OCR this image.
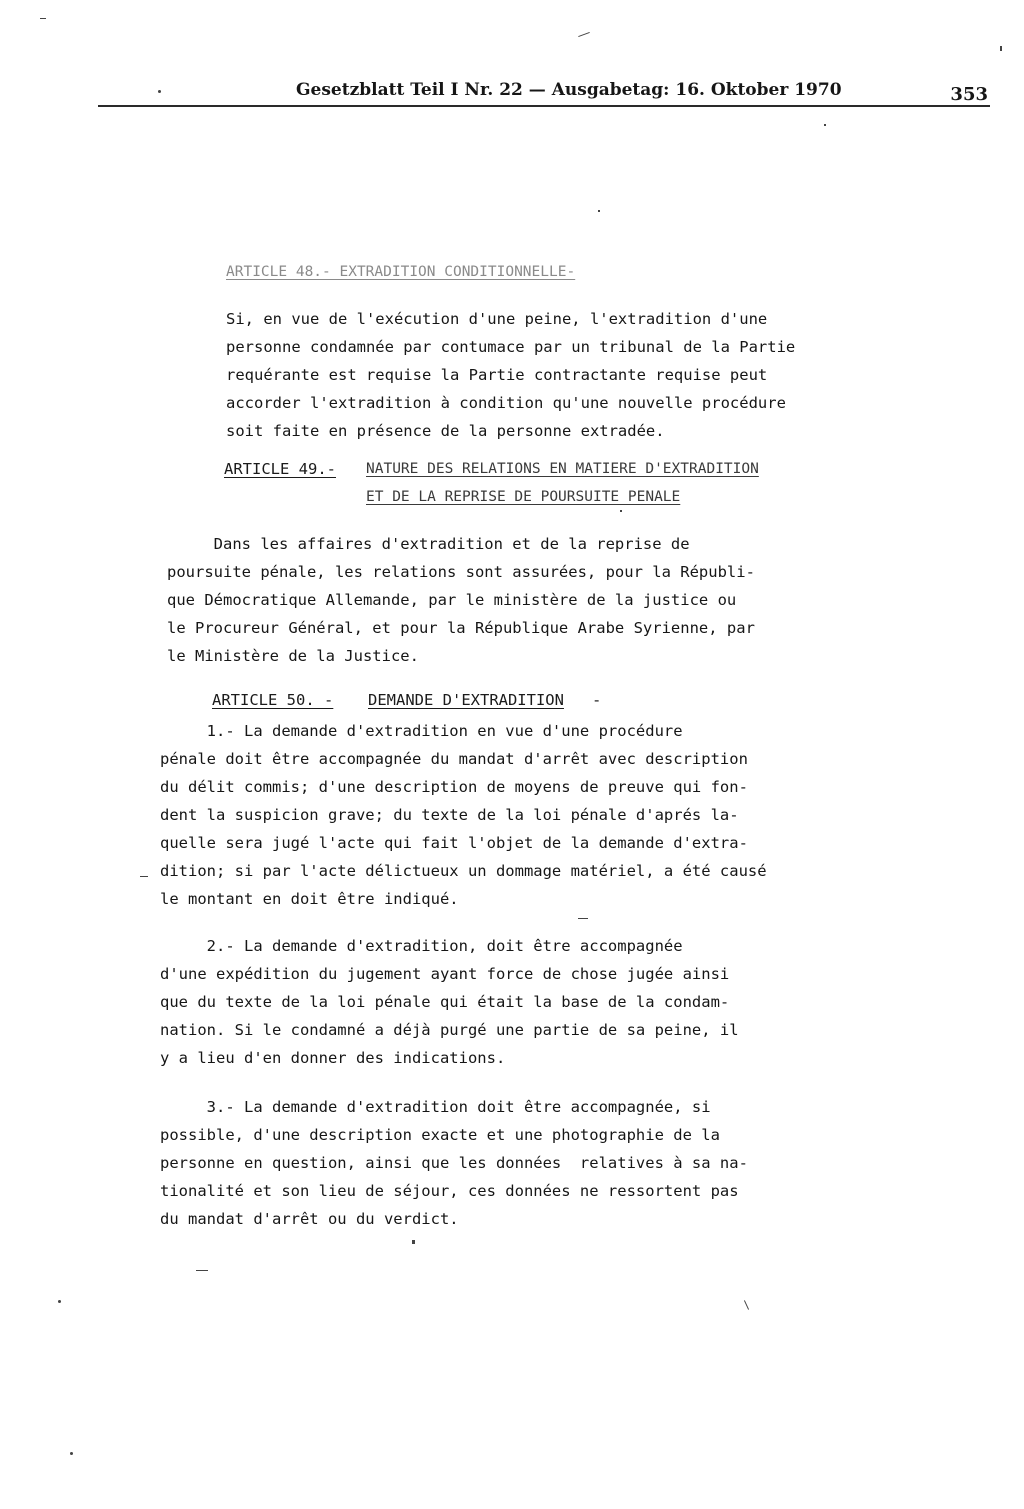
Gesetzblatt Teil I Nr. 22 — Ausgabetag: 16. Oktober 1970	353
ARTICLE 48.- EXTRADITION CONDITIONNELLE-
Si, en vue de l'exécution d'une peine, l'extradition d'une
personne condamnée par contumace par un tribunal de la Partie
requérante est requise la Partie contractante requise peut
accorder l'extradition à condition qu'une nouvelle procédure
soit faite en présence de la personne extradée.
ARTICLE 49.- NATURE DES RELATIONS EN MATIERE D'EXTRADITION
ET DE LA REPRISE DE POURSUITE PENALE
Dans les affaires d'extradition et de la reprise de
poursuite pénale, les relations sont assurées, pour la Républi-
que Démocratique Allemande, par le ministère de la justice ou
le Procureur Général, et pour la République Arabe Syrienne, par
le Ministère de la Justice.
ARTICLE 50. - DEMANDE D'EXTRADITION -
1.- La demande d'extradition en vue d'une procédure
pénale doit être accompagnée du mandat d'arrêt avec description
du délit commis; d'une description de moyens de preuve qui fon-
dent la suspicion grave; du texte de la loi pénale d'aprés la-
quelle sera jugé l'acte qui fait l'objet de la demande d'extra-
dition; si par l'acte délictueux un dommage matériel, a été causé
le montant en doit être indiqué.
2.- La demande d'extradition, doit être accompagnée
d'une expédition du jugement ayant force de chose jugée ainsi
que du texte de la loi pénale qui était la base de la condam-
nation. Si le condamné a déjà purgé une partie de sa peine, il
y a lieu d'en donner des indications.
3.- La demande d'extradition doit être accompagnée, si
possible, d'une description exacte et une photographie de la
personne en question, ainsi que les données  relatives à sa na-
tionalité et son lieu de séjour, ces données ne ressortent pas
du mandat d'arrêt ou du verdict.
